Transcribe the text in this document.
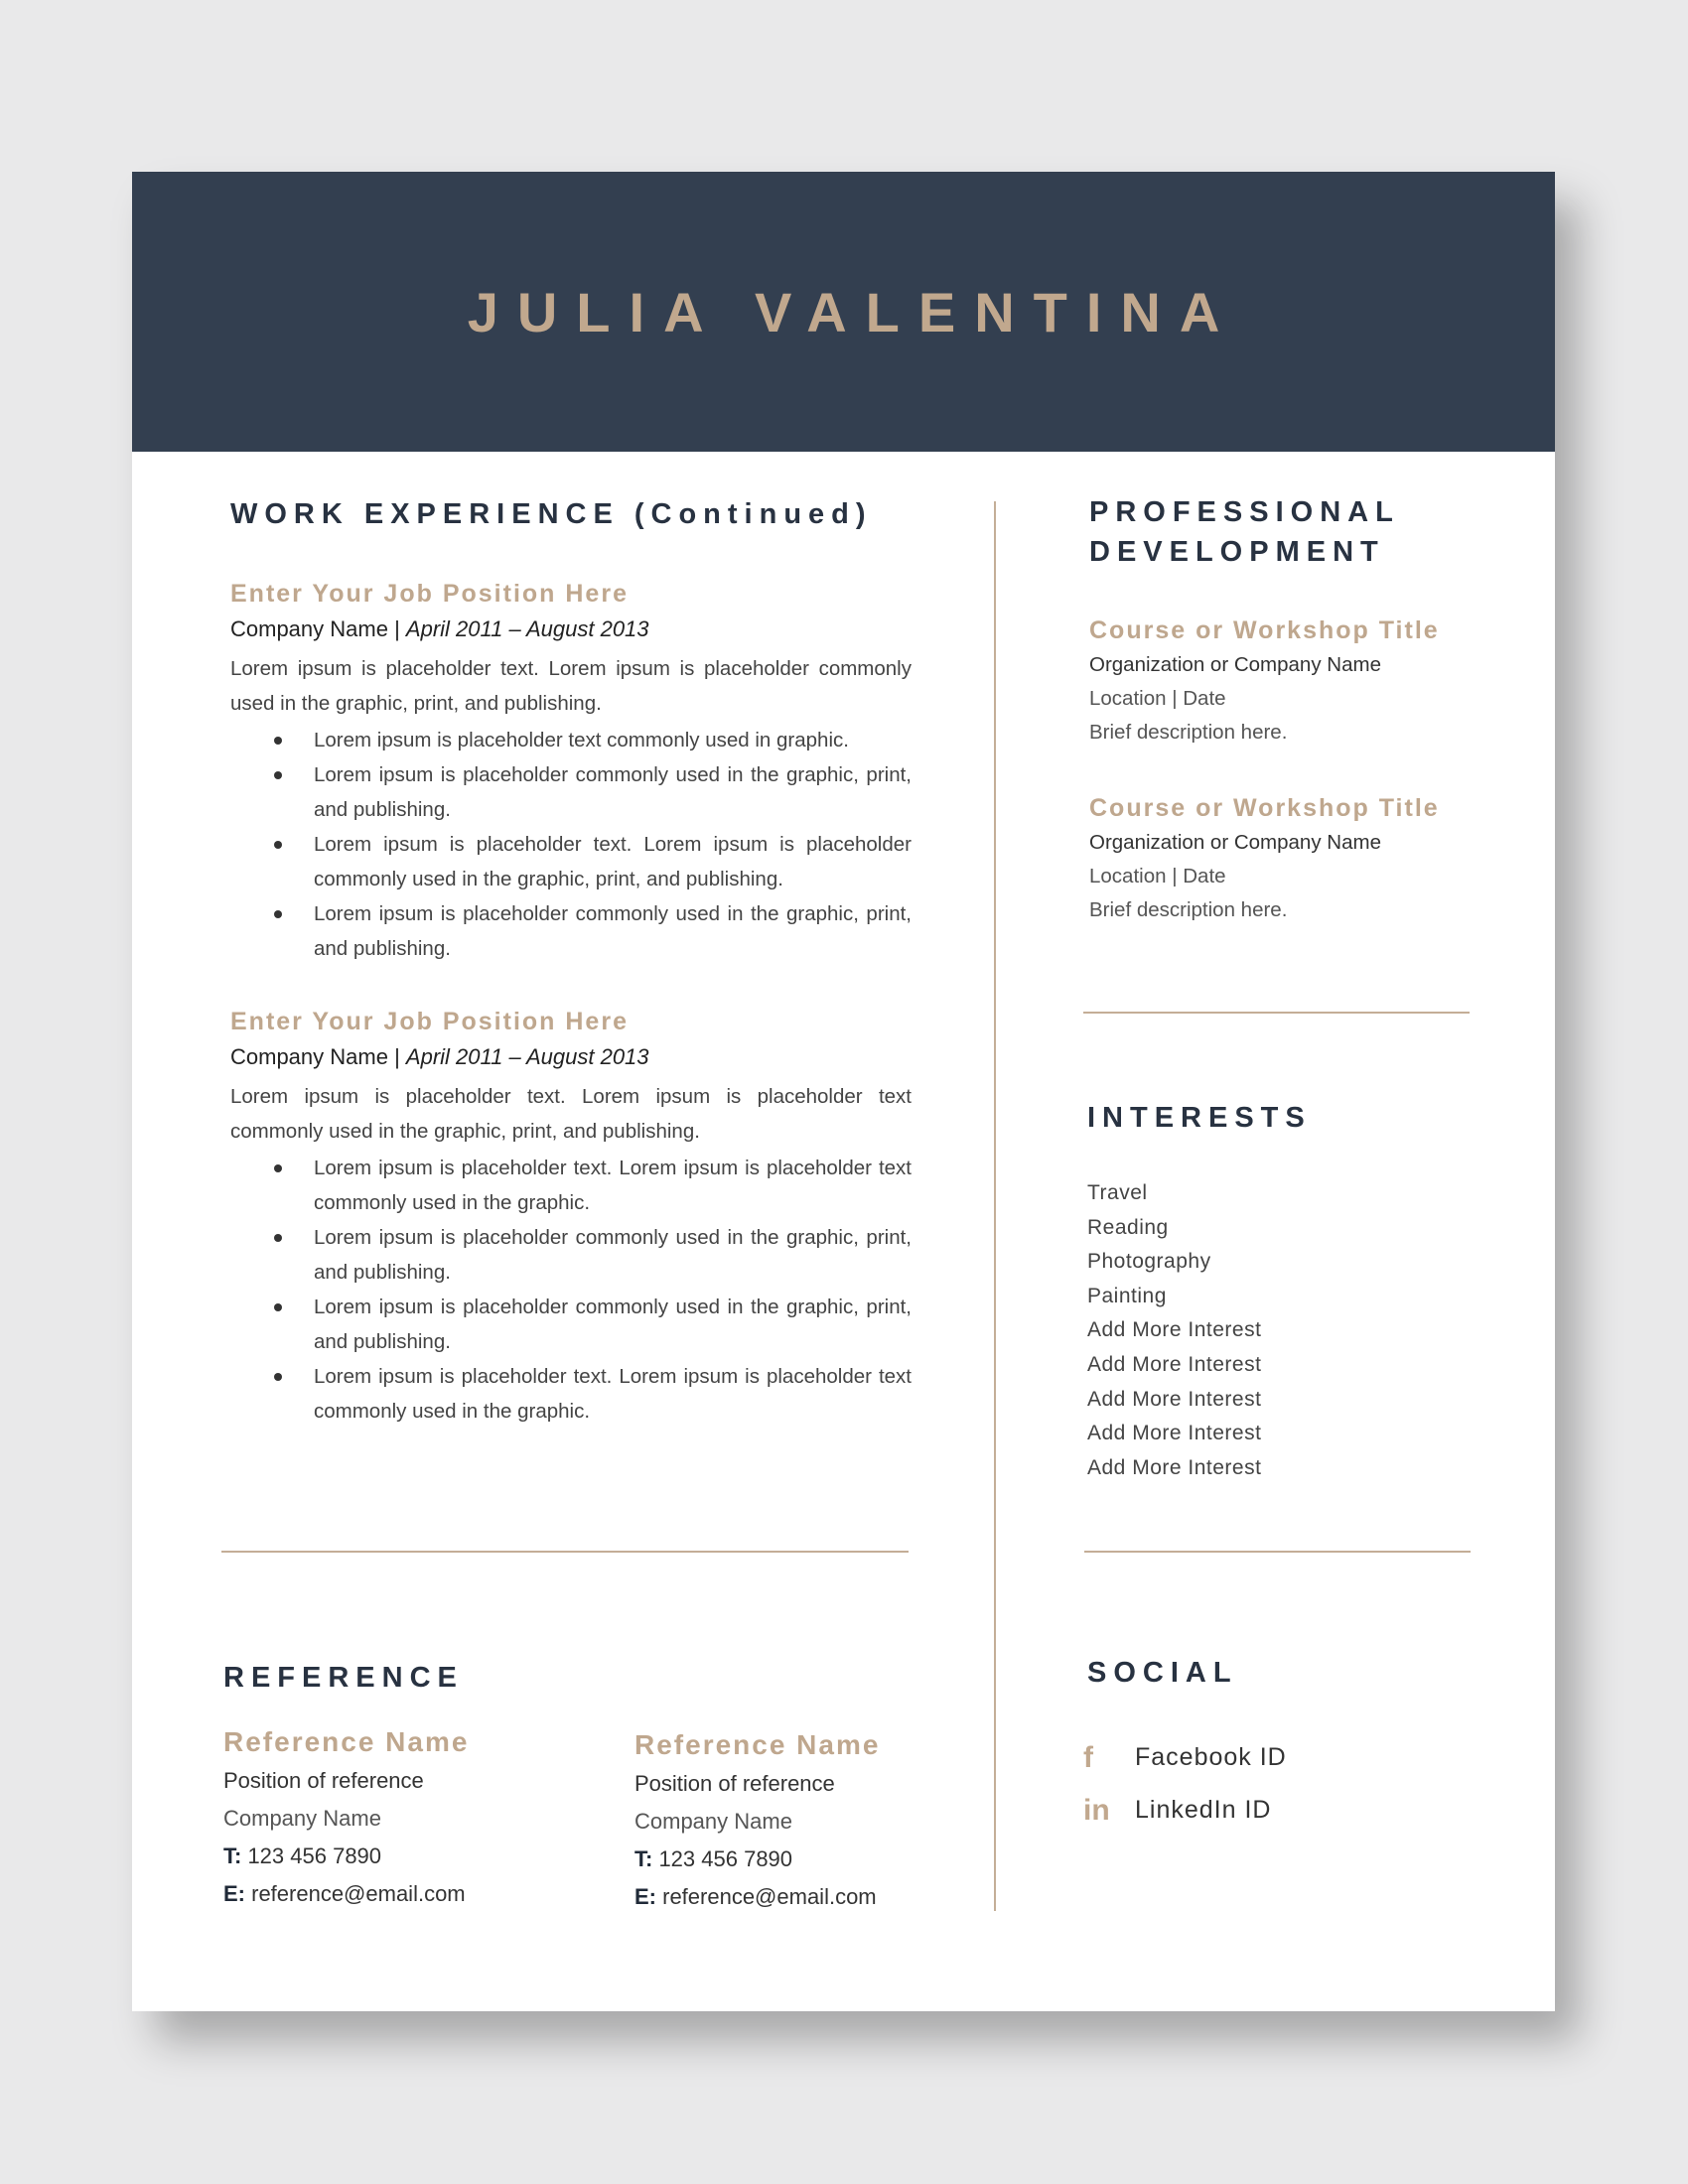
JULIA VALENTINA
WORK EXPERIENCE (Continued)
Enter Your Job Position Here
Company Name | April 2011 – August 2013
Lorem ipsum is placeholder text. Lorem ipsum is placeholder commonly used in the graphic, print, and publishing.
Lorem ipsum is placeholder text commonly used in graphic.
Lorem ipsum is placeholder commonly used in the graphic, print, and publishing.
Lorem ipsum is placeholder text. Lorem ipsum is placeholder commonly used in the graphic, print, and publishing.
Lorem ipsum is placeholder commonly used in the graphic, print, and publishing.
Enter Your Job Position Here
Company Name | April 2011 – August 2013
Lorem ipsum is placeholder text. Lorem ipsum is placeholder text commonly used in the graphic, print, and publishing.
Lorem ipsum is placeholder text. Lorem ipsum is placeholder text commonly used in the graphic.
Lorem ipsum is placeholder commonly used in the graphic, print, and publishing.
Lorem ipsum is placeholder commonly used in the graphic, print, and publishing.
Lorem ipsum is placeholder text. Lorem ipsum is placeholder text commonly used in the graphic.
REFERENCE
Reference Name
Position of reference
Company Name
T: 123 456 7890
E: reference@email.com
Reference Name
Position of reference
Company Name
T: 123 456 7890
E: reference@email.com
PROFESSIONAL
DEVELOPMENT
Course or Workshop Title
Organization or Company Name
Location | Date
Brief description here.
Course or Workshop Title
Organization or Company Name
Location | Date
Brief description here.
INTERESTS
Travel
Reading
Photography
Painting
Add More Interest
Add More Interest
Add More Interest
Add More Interest
Add More Interest
SOCIAL
f	Facebook ID
in	LinkedIn ID
